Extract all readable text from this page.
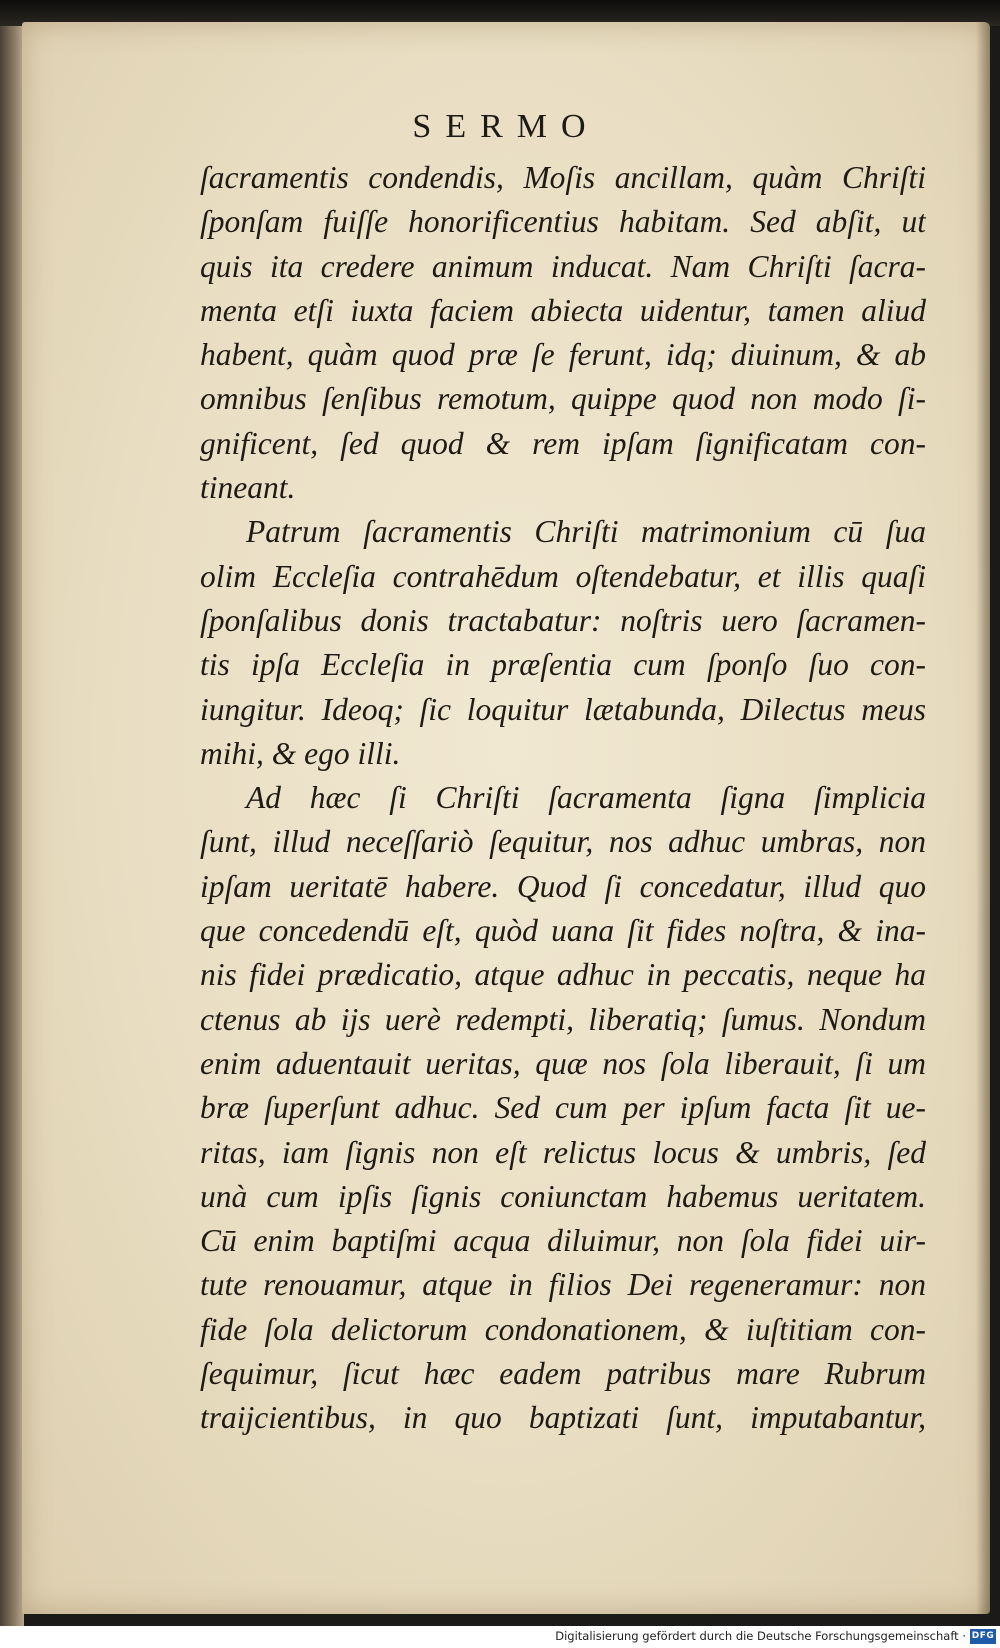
SERMO
ſacramentis condendis, Moſis ancillam, quàm Chriſti
ſponſam fuiſſe honorificentius habitam. Sed abſit, ut
quis ita credere animum inducat. Nam Chriſti ſacra-
menta etſi iuxta faciem abiecta uidentur, tamen aliud
habent, quàm quod præ ſe ferunt, idq; diuinum, & ab
omnibus ſenſibus remotum, quippe quod non modo ſi-
gnificent, ſed quod & rem ipſam ſignificatam con-
tineant.
Patrum ſacramentis Chriſti matrimonium cū ſua
olim Eccleſia contrahēdum oſtendebatur, et illis quaſi
ſponſalibus donis tractabatur: noſtris uero ſacramen-
tis ipſa Eccleſia in præſentia cum ſponſo ſuo con-
iungitur. Ideoq; ſic loquitur lætabunda, Dilectus meus
mihi, & ego illi.
Ad hæc ſi Chriſti ſacramenta ſigna ſimplicia
ſunt, illud neceſſariò ſequitur, nos adhuc umbras, non
ipſam ueritatē habere. Quod ſi concedatur, illud quo
que concedendū eſt, quòd uana ſit fides noſtra, & ina-
nis fidei prædicatio, atque adhuc in peccatis, neque ha
ctenus ab iјs uerè redempti, liberatiq; ſumus. Nondum
enim aduentauit ueritas, quæ nos ſola liberauit, ſi um
bræ ſuperſunt adhuc. Sed cum per ipſum facta ſit ue-
ritas, iam ſignis non eſt relictus locus & umbris, ſed
unà cum ipſis ſignis coniunctam habemus ueritatem.
Cū enim baptiſmi acqua diluimur, non ſola fidei uir-
tute renouamur, atque in filios Dei regeneramur: non
fide ſola delictorum condonationem, & iuſtitiam con-
ſequimur, ſicut hæc eadem patribus mare Rubrum
traiјcientibus, in quo baptizati ſunt, imputabantur,
Digitalisierung gefördert durch die Deutsche Forschungsgemeinschaft · DFG
